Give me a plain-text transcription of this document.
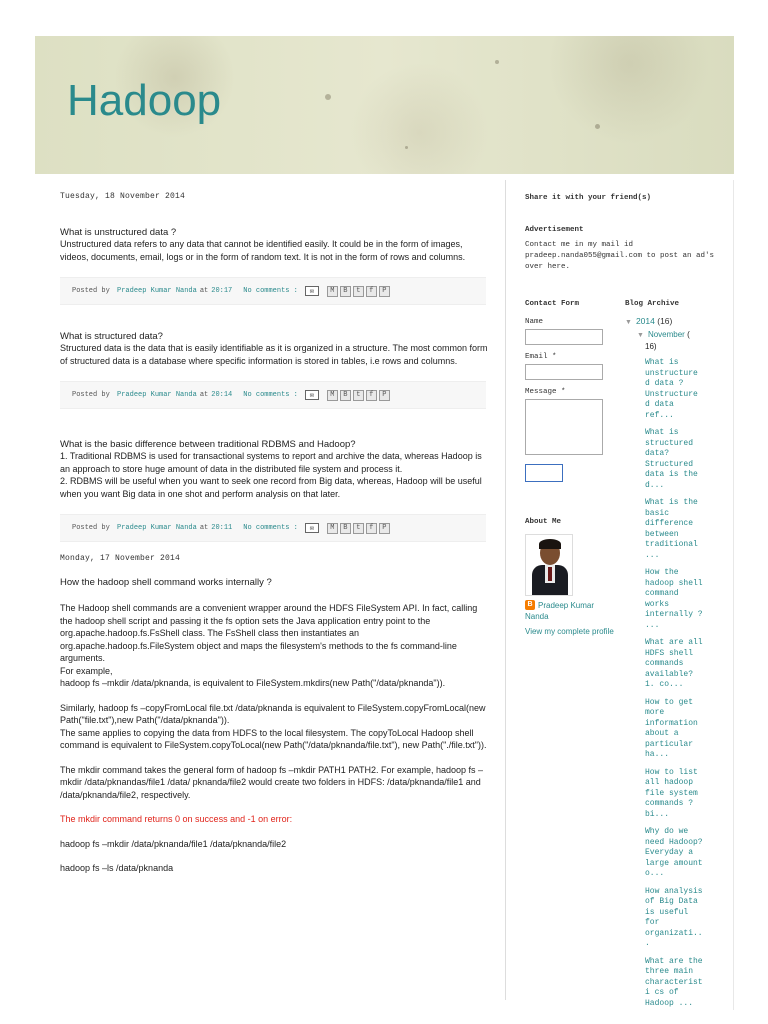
Hadoop
Tuesday, 18 November 2014
What is unstructured data ?
Unstructured data refers to any data that cannot be identified easily. It could be in the form of images, videos, documents, email, logs or in the form of random text. It is not in the form of rows and columns.
Posted by
Pradeep Kumar Nanda at 20:17 No comments :	✉	M	B	t	f	P
What is structured data?
Structured data is the data that is easily identifiable as it is organized in a structure. The most common form of structured data is a database where specific information is stored in tables, i.e rows and columns.
Posted by
Pradeep Kumar Nanda at 20:14 No comments :	✉	M	B	t	f	P
What is the basic difference between traditional RDBMS and Hadoop?
1. Traditional RDBMS is used for transactional systems to report and archive the data, whereas Hadoop is an approach to store huge amount of data in the distributed file system and process it.
2. RDBMS will be useful when you want to seek one record from Big data, whereas, Hadoop will be useful when you want Big data in one shot and perform analysis on that later.
Posted by
Pradeep Kumar Nanda at 20:11 No comments :	✉	M	B	t	f	P
Monday, 17 November 2014
How the hadoop shell command works internally ?
The Hadoop shell commands are a convenient wrapper around the HDFS FileSystem API. In fact, calling the hadoop shell script and passing it the fs option sets the Java application entry point to the org.apache.hadoop.fs.FsShell class. The FsShell class then instantiates an org.apache.hadoop.fs.FileSystem object and maps the filesystem's methods to the fs command-line arguments.
For example,
hadoop fs –mkdir /data/pknanda, is equivalent to FileSystem.mkdirs(new Path("/data/pknanda")).
Similarly, hadoop fs –copyFromLocal file.txt /data/pknanda is equivalent to FileSystem.copyFromLocal(new Path("file.txt"),new Path("/data/pknanda")).
The same applies to copying the data from HDFS to the local filesystem. The copyToLocal Hadoop shell command is equivalent to FileSystem.copyToLocal(new Path("/data/pknanda/file.txt"), new Path("./file.txt")).
The mkdir command takes the general form of hadoop fs –mkdir PATH1 PATH2. For example, hadoop fs –mkdir /data/pknandas/file1 /data/ pknanda/file2 would create two folders in HDFS: /data/pknanda/file1 and /data/pknanda/file2, respectively.
The mkdir command returns 0 on success and -1 on error:
hadoop fs –mkdir /data/pknanda/file1 /data/pknanda/file2
hadoop fs –ls /data/pknanda
Share it with your friend(s)
Advertisement
Contact me in my mail id pradeep.nanda055@gmail.com to post an ad's over here.
Contact Form
Name
Email *
Message *
About Me
B Pradeep Kumar Nanda
View my complete profile
Blog Archive
▼ 2014 (16)
▼ November (
16)
What is unstructure d data ? Unstructure d data ref...
What is structured data? Structured data is the d...
What is the basic difference between traditional ...
How the hadoop shell command works internally ? ...
What are all HDFS shell commands available? 1. co...
How to get more information about a particular ha...
How to list all hadoop file system commands ? bi...
Why do we need Hadoop? Everyday a large amount o...
How analysis of Big Data is useful for organizati...
What are the three main characteristi cs of Hadoop ...
